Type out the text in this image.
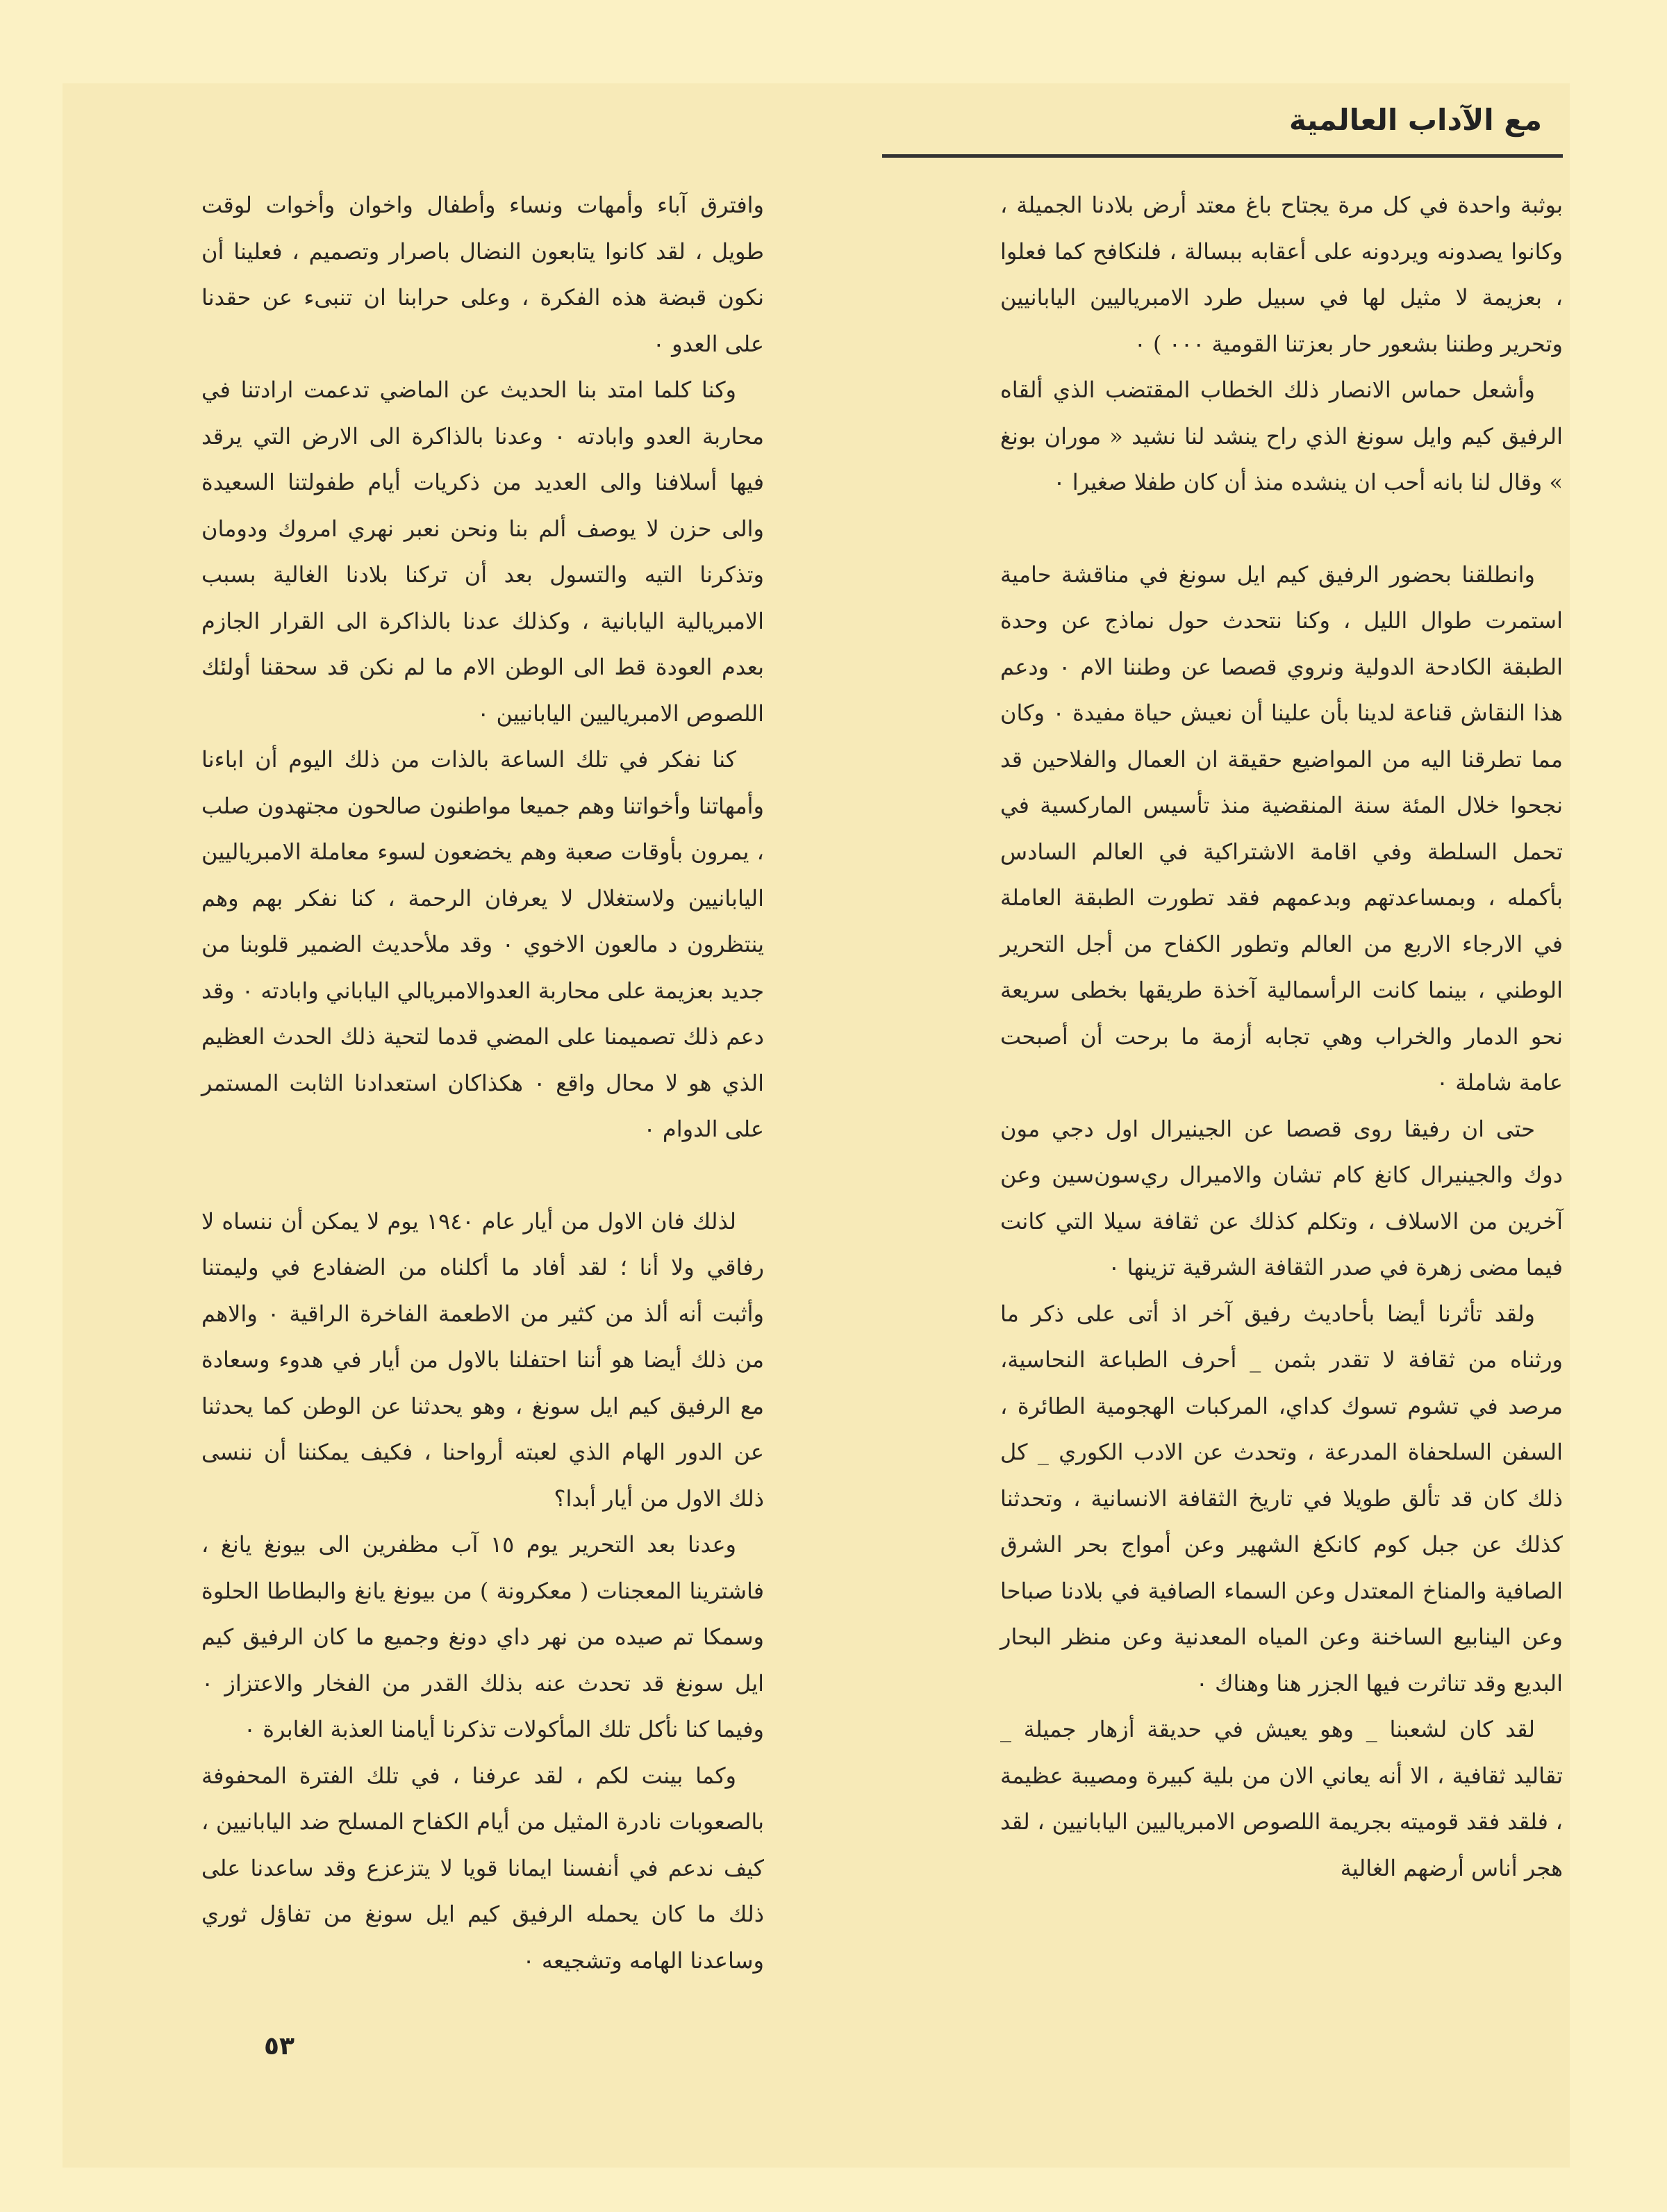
مع الآداب العالمية

بوثبة واحدة في كل مرة يجتاح باغ معتد أرض بلادنا الجميلة ، وكانوا يصدونه ويردونه على أعقابه ببسالة ، فلنكافح كما فعلوا ، بعزيمة لا مثيل لها في سبيل طرد الامبرياليين اليابانيين وتحرير وطننا بشعور حار بعزتنا القومية ٠٠٠ ) ٠

وأشعل حماس الانصار ذلك الخطاب المقتضب الذي ألقاه الرفيق كيم وايل سونغ الذي راح ينشد لنا نشيد « موران بونغ » وقال لنا بانه أحب ان ينشده منذ أن كان طفلا صغيرا ٠

وانطلقنا بحضور الرفيق كيم ايل سونغ في مناقشة حامية استمرت طوال الليل ، وكنا نتحدث حول نماذج عن وحدة الطبقة الكادحة الدولية ونروي قصصا عن وطننا الام ٠ ودعم هذا النقاش قناعة لدينا بأن علينا أن نعيش حياة مفيدة ٠ وكان مما تطرقنا اليه من المواضيع حقيقة ان العمال والفلاحين قد نجحوا خلال المئة سنة المنقضية منذ تأسيس الماركسية في تحمل السلطة وفي اقامة الاشتراكية في العالم السادس بأكمله ، وبمساعدتهم وبدعمهم فقد تطورت الطبقة العاملة في الارجاء الاربع من العالم وتطور الكفاح من أجل التحرير الوطني ، بينما كانت الرأسمالية آخذة طريقها بخطى سريعة نحو الدمار والخراب وهي تجابه أزمة ما برحت أن أصبحت عامة شاملة ٠

حتى ان رفيقا روى قصصا عن الجينيرال اول دجي مون دوك والجينيرال كانغ كام تشان والاميرال ري‌سون‌سين وعن آخرين من الاسلاف ، وتكلم كذلك عن ثقافة سيلا التي كانت فيما مضى زهرة في صدر الثقافة الشرقية تزينها ٠

ولقد تأثرنا أيضا بأحاديث رفيق آخر اذ أتى على ذكر ما ورثناه من ثقافة لا تقدر بثمن _ أحرف الطباعة النحاسية، مرصد في تشوم تسوك كداي، المركبات الهجومية الطائرة ، السفن السلحفاة المدرعة ، وتحدث عن الادب الكوري _ كل ذلك كان قد تألق طويلا في تاريخ الثقافة الانسانية ، وتحدثنا كذلك عن جبل كوم كانكغ الشهير وعن أمواج بحر الشرق الصافية والمناخ المعتدل وعن السماء الصافية في بلادنا صباحا وعن الينابيع الساخنة وعن المياه المعدنية وعن منظر البحار البديع وقد تناثرت فيها الجزر هنا وهناك ٠

لقد كان لشعبنا _ وهو يعيش في حديقة أزهار جميلة _ تقاليد ثقافية ، الا أنه يعاني الان من بلية كبيرة ومصيبة عظيمة ، فلقد فقد قوميته بجريمة اللصوص الامبرياليين اليابانيين ، لقد هجر أناس أرضهم الغالية

وافترق آباء وأمهات ونساء وأطفال واخوان وأخوات لوقت طويل ، لقد كانوا يتابعون النضال باصرار وتصميم ، فعلينا أن نكون قبضة هذه الفكرة ، وعلى حرابنا ان تنبىء عن حقدنا على العدو ٠

وكنا كلما امتد بنا الحديث عن الماضي تدعمت ارادتنا في محاربة العدو وابادته ٠ وعدنا بالذاكرة الى الارض التي يرقد فيها أسلافنا والى العديد من ذكريات أيام طفولتنا السعيدة والى حزن لا يوصف ألم بنا ونحن نعبر نهري امروك ودومان وتذكرنا التيه والتسول بعد أن تركنا بلادنا الغالية بسبب الامبريالية اليابانية ، وكذلك عدنا بالذاكرة الى القرار الجازم بعدم العودة قط الى الوطن الام ما لم نكن قد سحقنا أولئك اللصوص الامبرياليين اليابانيين ٠

كنا نفكر في تلك الساعة بالذات من ذلك اليوم أن اباءنا وأمهاتنا وأخواتنا وهم جميعا مواطنون صالحون مجتهدون صلب ، يمرون بأوقات صعبة وهم يخضعون لسوء معاملة الامبرياليين اليابانيين ولاستغلال لا يعرفان الرحمة ، كنا نفكر بهم وهم ينتظرون د مالعون الاخوي ٠ وقد ملأحديث الضمير قلوبنا من جديد بعزيمة على محاربة العدوالامبريالي الياباني وابادته ٠ وقد دعم ذلك تصميمنا على المضي قدما لتحية ذلك الحدث العظيم الذي هو لا محال واقع ٠ هكذاكان استعدادنا الثابت المستمر على الدوام ٠

لذلك فان الاول من أيار عام ١٩٤٠ يوم لا يمكن أن ننساه لا رفاقي ولا أنا ؛ لقد أفاد ما أكلناه من الضفادع في وليمتنا وأثبت أنه ألذ من كثير من الاطعمة الفاخرة الراقية ٠ والاهم من ذلك أيضا هو أننا احتفلنا بالاول من أيار في هدوء وسعادة مع الرفيق كيم ايل سونغ ، وهو يحدثنا عن الوطن كما يحدثنا عن الدور الهام الذي لعبته أرواحنا ، فكيف يمكننا أن ننسى ذلك الاول من أيار أبدا؟

وعدنا بعد التحرير يوم ١٥ آب مظفرين الى بيونغ يانغ ، فاشترينا المعجنات ( معكرونة ) من بيونغ يانغ والبطاطا الحلوة وسمكا تم صيده من نهر داي دونغ وجميع ما كان الرفيق كيم ايل سونغ قد تحدث عنه بذلك القدر من الفخار والاعتزاز ٠ وفيما كنا نأكل تلك المأكولات تذكرنا أيامنا العذبة الغابرة ٠

وكما بينت لكم ، لقد عرفنا ، في تلك الفترة المحفوفة بالصعوبات نادرة المثيل من أيام الكفاح المسلح ضد اليابانيين ، كيف ندعم في أنفسنا ايمانا قويا لا يتزعزع وقد ساعدنا على ذلك ما كان يحمله الرفيق كيم ايل سونغ من تفاؤل ثوري وساعدنا الهامه وتشجيعه ٠

٥٣
